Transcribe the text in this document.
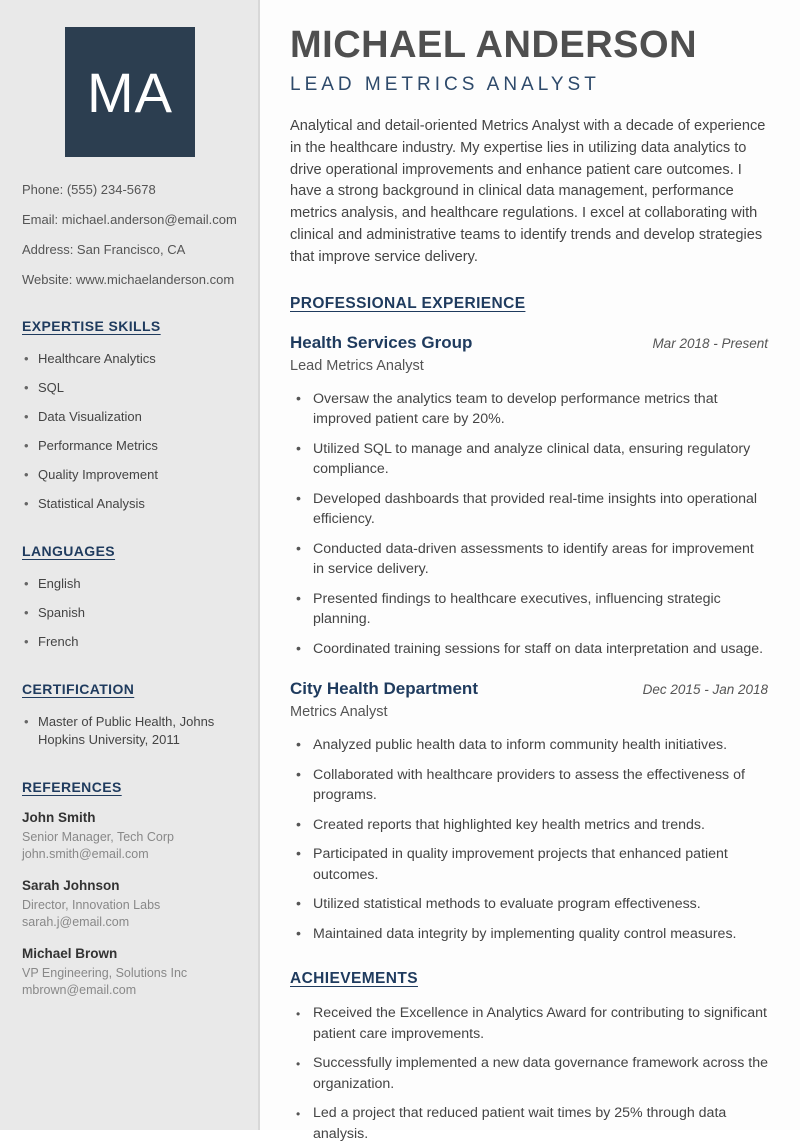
MA
Phone: (555) 234-5678
Email: michael.anderson@email.com
Address: San Francisco, CA
Website: www.michaelanderson.com
EXPERTISE SKILLS
• Healthcare Analytics
• SQL
• Data Visualization
• Performance Metrics
• Quality Improvement
• Statistical Analysis
LANGUAGES
• English
• Spanish
• French
CERTIFICATION
• Master of Public Health, Johns Hopkins University, 2011
REFERENCES
John Smith
Senior Manager, Tech Corp
john.smith@email.com
Sarah Johnson
Director, Innovation Labs
sarah.j@email.com
Michael Brown
VP Engineering, Solutions Inc
mbrown@email.com
MICHAEL ANDERSON
LEAD METRICS ANALYST

Analytical and detail-oriented Metrics Analyst with a decade of experience in the healthcare industry. My expertise lies in utilizing data analytics to drive operational improvements and enhance patient care outcomes. I have a strong background in clinical data management, performance metrics analysis, and healthcare regulations. I excel at collaborating with clinical and administrative teams to identify trends and develop strategies that improve service delivery.

PROFESSIONAL EXPERIENCE
Health Services Group	Mar 2018 - Present
Lead Metrics Analyst
• Oversaw the analytics team to develop performance metrics that improved patient care by 20%.
• Utilized SQL to manage and analyze clinical data, ensuring regulatory compliance.
• Developed dashboards that provided real-time insights into operational efficiency.
• Conducted data-driven assessments to identify areas for improvement in service delivery.
• Presented findings to healthcare executives, influencing strategic planning.
• Coordinated training sessions for staff on data interpretation and usage.
City Health Department	Dec 2015 - Jan 2018
Metrics Analyst
• Analyzed public health data to inform community health initiatives.
• Collaborated with healthcare providers to assess the effectiveness of programs.
• Created reports that highlighted key health metrics and trends.
• Participated in quality improvement projects that enhanced patient outcomes.
• Utilized statistical methods to evaluate program effectiveness.
• Maintained data integrity by implementing quality control measures.
ACHIEVEMENTS
• Received the Excellence in Analytics Award for contributing to significant patient care improvements.
• Successfully implemented a new data governance framework across the organization.
• Led a project that reduced patient wait times by 25% through data analysis.
